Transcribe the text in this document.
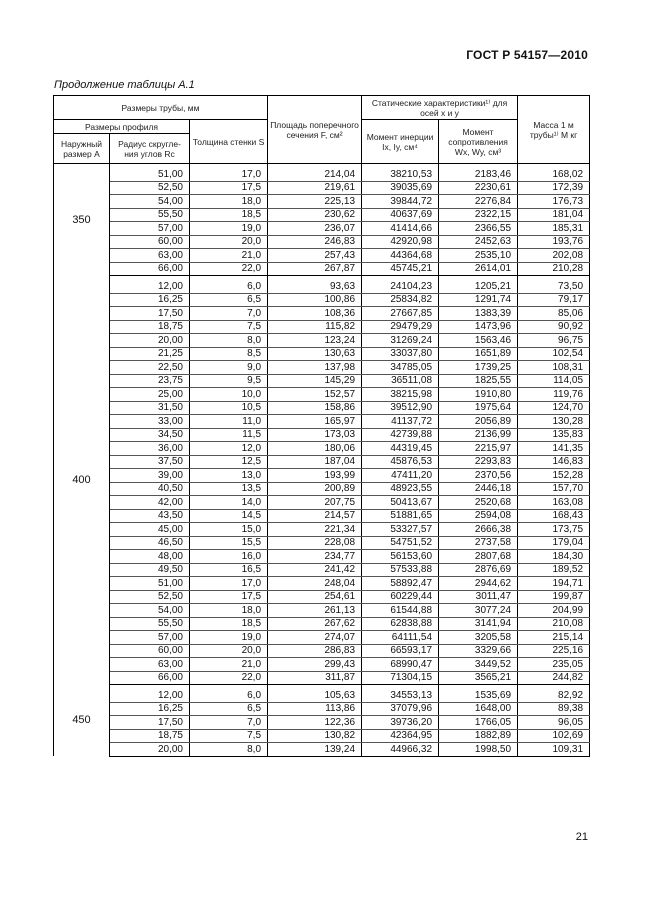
ГОСТ Р 54157—2010
Продолжение таблицы А.1
Размеры трубы, мм			Площадь поперечного сечения F, см²	Статические характеристики¹⁾ для осей x и y		Масса 1 м трубы¹⁾ M кг
Размеры профиля		Толщина стенки S		Момент инерции Ix, Iy, см⁴	Момент сопротивления Wx, Wy, см³	
Наружный размер A	Радиус скругле-ния углов Rс					
350						
	51,00	17,0	214,04	38210,53	2183,46	168,02
	52,50	17,5	219,61	39035,69	2230,61	172,39
	54,00	18,0	225,13	39844,72	2276,84	176,73
	55,50	18,5	230,62	40637,69	2322,15	181,04
	57,00	19,0	236,07	41414,66	2366,55	185,31
	60,00	20,0	246,83	42920,98	2452,63	193,76
	63,00	21,0	257,43	44364,68	2535,10	202,08
	66,00	22,0	267,87	45745,21	2614,01	210,28
400						
	12,00	6,0	93,63	24104,23	1205,21	73,50
	16,25	6,5	100,86	25834,82	1291,74	79,17
	17,50	7,0	108,36	27667,85	1383,39	85,06
	18,75	7,5	115,82	29479,29	1473,96	90,92
	20,00	8,0	123,24	31269,24	1563,46	96,75
	21,25	8,5	130,63	33037,80	1651,89	102,54
	22,50	9,0	137,98	34785,05	1739,25	108,31
	23,75	9,5	145,29	36511,08	1825,55	114,05
	25,00	10,0	152,57	38215,98	1910,80	119,76
	31,50	10,5	158,86	39512,90	1975,64	124,70
	33,00	11,0	165,97	41137,72	2056,89	130,28
	34,50	11,5	173,03	42739,88	2136,99	135,83
	36,00	12,0	180,06	44319,45	2215,97	141,35
	37,50	12,5	187,04	45876,53	2293,83	146,83
	39,00	13,0	193,99	47411,20	2370,56	152,28
	40,50	13,5	200,89	48923,55	2446,18	157,70
	42,00	14,0	207,75	50413,67	2520,68	163,08
	43,50	14,5	214,57	51881,65	2594,08	168,43
	45,00	15,0	221,34	53327,57	2666,38	173,75
	46,50	15,5	228,08	54751,52	2737,58	179,04
	48,00	16,0	234,77	56153,60	2807,68	184,30
	49,50	16,5	241,42	57533,88	2876,69	189,52
	51,00	17,0	248,04	58892,47	2944,62	194,71
	52,50	17,5	254,61	60229,44	3011,47	199,87
	54,00	18,0	261,13	61544,88	3077,24	204,99
	55,50	18,5	267,62	62838,88	3141,94	210,08
	57,00	19,0	274,07	64111,54	3205,58	215,14
	60,00	20,0	286,83	66593,17	3329,66	225,16
	63,00	21,0	299,43	68990,47	3449,52	235,05
	66,00	22,0	311,87	71304,15	3565,21	244,82
450						
	12,00	6,0	105,63	34553,13	1535,69	82,92
	16,25	6,5	113,86	37079,96	1648,00	89,38
	17,50	7,0	122,36	39736,20	1766,05	96,05
	18,75	7,5	130,82	42364,95	1882,89	102,69
	20,00	8,0	139,24	44966,32	1998,50	109,31
21
